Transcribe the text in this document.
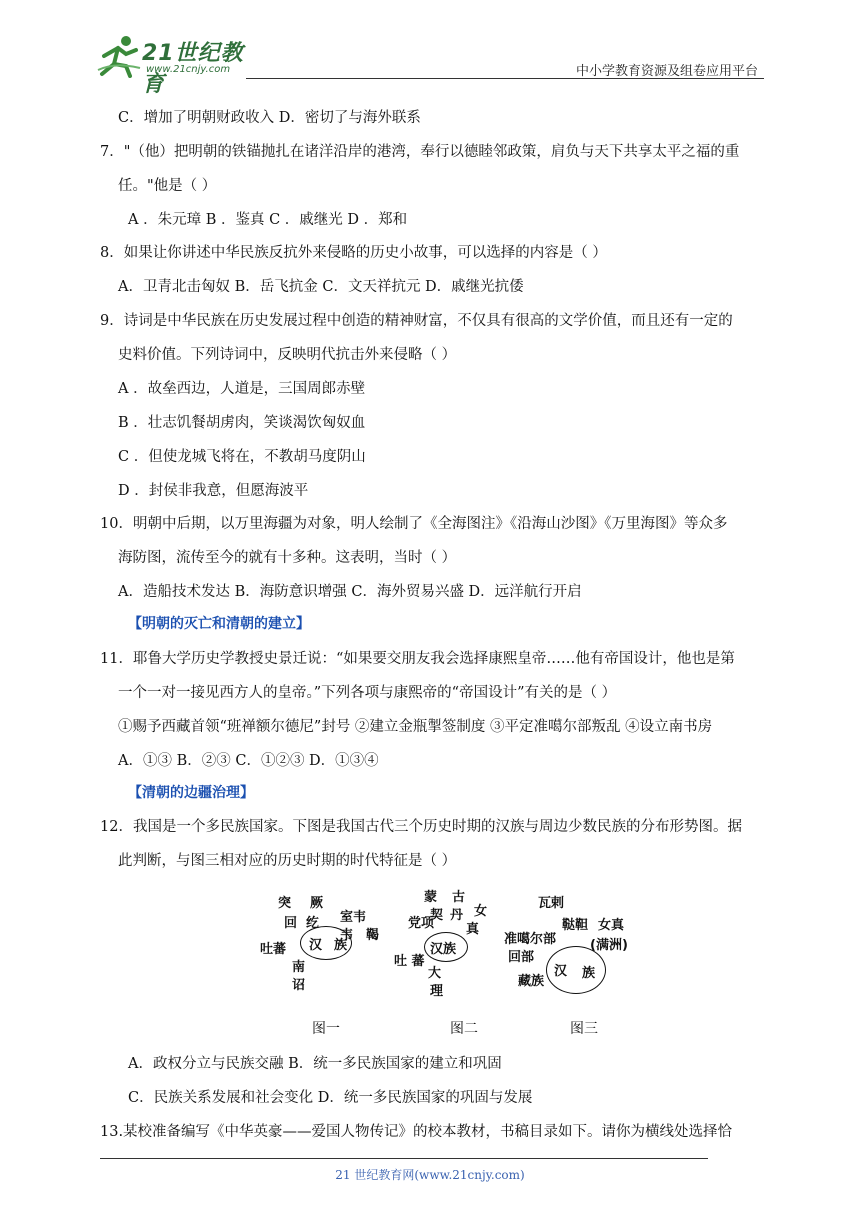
21世纪教育
www.21cnjy.com	中小学教育资源及组卷应用平台
C．增加了明朝财政收入 D．密切了与海外联系
7．"（他）把明朝的铁锚抛扎在诸洋沿岸的港湾，奉行以德睦邻政策，肩负与天下共享太平之福的重
任。"他是（ ）
A ．朱元璋 B ．鉴真 C ．戚继光 D ．郑和
8．如果让你讲述中华民族反抗外来侵略的历史小故事，可以选择的内容是（ ）
A．卫青北击匈奴 B．岳飞抗金 C．文天祥抗元 D．戚继光抗倭
9．诗词是中华民族在历史发展过程中创造的精神财富，不仅具有很高的文学价值，而且还有一定的
史料价值。下列诗词中，反映明代抗击外来侵略（ ）
A ．故垒西边，人道是，三国周郎赤壁
B ．壮志饥餐胡虏肉，笑谈渴饮匈奴血
C ．但使龙城飞将在，不教胡马度阴山
D ．封侯非我意，但愿海波平
10．明朝中后期，以万里海疆为对象，明人绘制了《全海图注》《沿海山沙图》《万里海图》等众多
海防图，流传至今的就有十多种。这表明，当时（ ）
A．造船技术发达 B．海防意识增强 C．海外贸易兴盛 D．远洋航行开启
【明朝的灭亡和清朝的建立】
11．耶鲁大学历史学教授史景迁说：“如果要交朋友我会选择康熙皇帝……他有帝国设计，他也是第
一个一对一接见西方人的皇帝。”下列各项与康熙帝的“帝国设计”有关的是（ ）
①赐予西藏首领“班禅额尔德尼”封号 ②建立金瓶掣签制度 ③平定准噶尔部叛乱 ④设立南书房
A．①③ B．②③ C．①②③ D．①③④
【清朝的边疆治理】
12．我国是一个多民族国家。下图是我国古代三个历史时期的汉族与周边少数民族的分布形势图。据
此判断，与图三相对应的历史时期的时代特征是（ ）
突 厥
回 纥 室韦
鞨
韦
汉 族
吐蕃
南
诏
图一
蒙 古
契 丹 女
真
党项
汉族
吐 蕃
大
理
图二
瓦剌
鞑靼 女真
(满洲)
准噶尔部
回部
汉 族
藏族
图三
A．政权分立与民族交融 B．统一多民族国家的建立和巩固
C．民族关系发展和社会变化 D．统一多民族国家的巩固与发展
13.某校准备编写《中华英豪——爱国人物传记》的校本教材，书稿目录如下。请你为横线处选择恰
21 世纪教育网(www.21cnjy.com)
